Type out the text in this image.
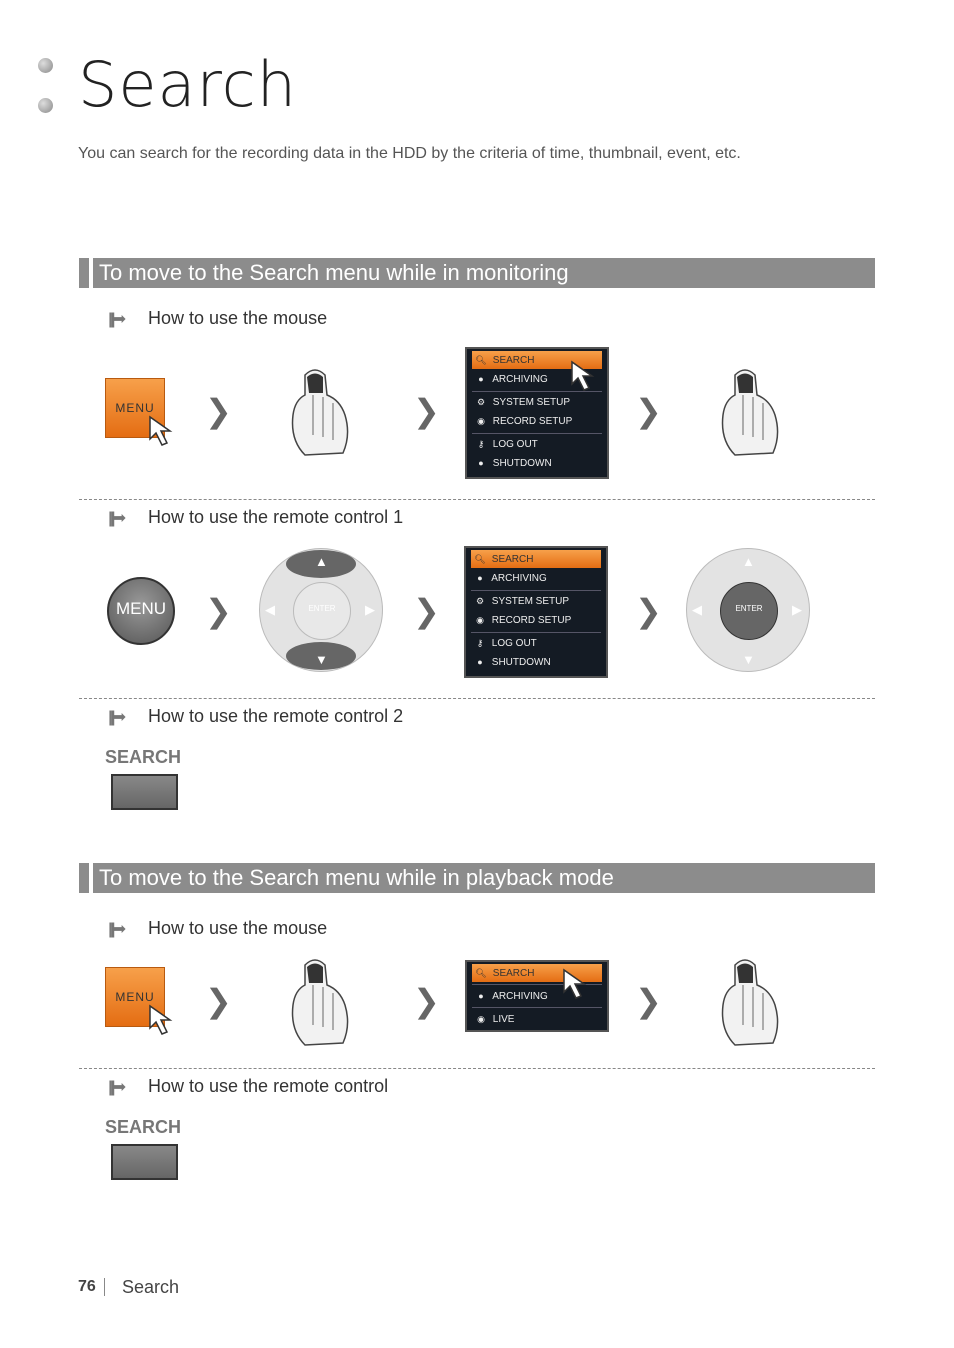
Search
You can search for the recording data in the HDD by the criteria of time, thumbnail, event, etc.
To move to the Search menu while in monitoring
||||➡ How to use the mouse
MENU ❯	❯
🔍︎ SEARCH
● ARCHIVING
⚙ SYSTEM SETUP
◉ RECORD SETUP
⚷ LOG OUT
● SHUTDOWN
❯
||||➡ How to use the remote control 1
MENU ❯
▲
▼
◀	▶
ENTER	❯
🔍︎ SEARCH
● ARCHIVING
⚙ SYSTEM SETUP
◉ RECORD SETUP
⚷ LOG OUT
● SHUTDOWN
❯
▲
▼
◀	▶
ENTER
||||➡ How to use the remote control 2
SEARCH
To move to the Search menu while in playback mode
||||➡ How to use the mouse
MENU ❯	❯
🔍︎ SEARCH
● ARCHIVING
◉ LIVE	❯
||||➡ How to use the remote control
SEARCH
76 Search
